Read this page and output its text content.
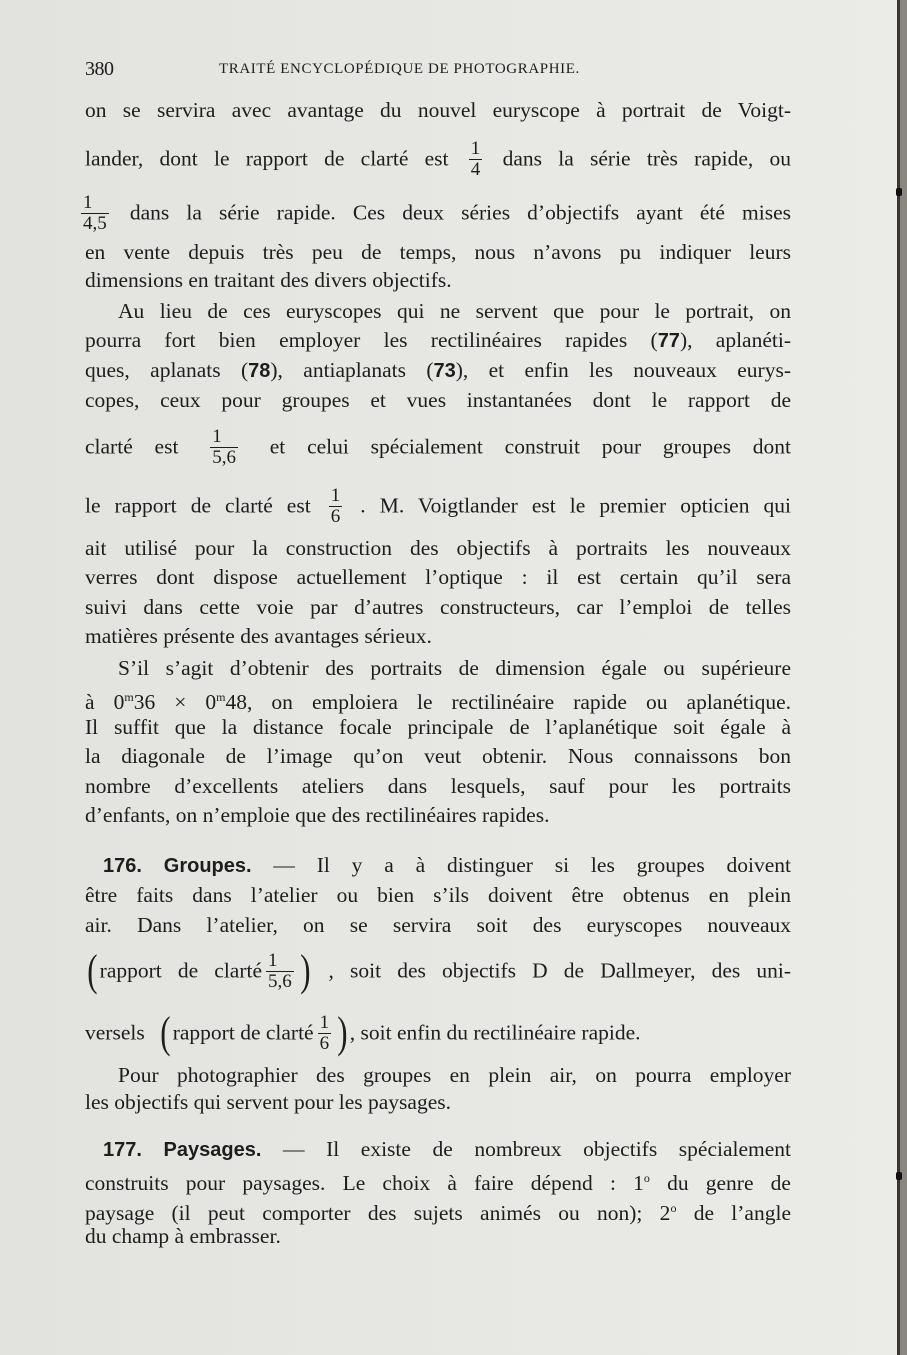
380	TRAITÉ ENCYCLOPÉDIQUE DE PHOTOGRAPHIE.
on se servira avec avantage du nouvel euryscope à portrait de Voigt-
lander, dont le rapport de clarté est $\frac{1}{4}$ dans la série très rapide, ou
$\frac{1}{4,5}$ dans la série rapide. Ces deux séries d’objectifs ayant été mises
en vente depuis très peu de temps, nous n’avons pu indiquer leurs
dimensions en traitant des divers objectifs.
Au lieu de ces euryscopes qui ne servent que pour le portrait, on
pourra fort bien employer les rectilinéaires rapides (77), aplanéti-
ques, aplanats (78), antiaplanats (73), et enfin les nouveaux eurys-
copes, ceux pour groupes et vues instantanées dont le rapport de
clarté est $\frac{1}{5,6}$ et celui spécialement construit pour groupes dont
le rapport de clarté est $\frac{1}{6}$ . M. Voigtlander est le premier opticien qui
ait utilisé pour la construction des objectifs à portraits les nouveaux
verres dont dispose actuellement l’optique : il est certain qu’il sera
suivi dans cette voie par d’autres constructeurs, car l’emploi de telles
matières présente des avantages sérieux.
S’il s’agit d’obtenir des portraits de dimension égale ou supérieure
à $0^m36 \times 0^m48$, on emploiera le rectilinéaire rapide ou aplanétique.
Il suffit que la distance focale principale de l’aplanétique soit égale à
la diagonale de l’image qu’on veut obtenir. Nous connaissons bon
nombre d’excellents ateliers dans lesquels, sauf pour les portraits
d’enfants, on n’emploie que des rectilinéaires rapides.
176. Groupes. — Il y a à distinguer si les groupes doivent
être faits dans l’atelier ou bien s’ils doivent être obtenus en plein
air. Dans l’atelier, on se servira soit des euryscopes nouveaux
( rapport de clarté $\frac{1}{5,6}$ ) , soit des objectifs D de Dallmeyer, des uni-
versels ( rapport de clarté $\frac{1}{6}$ ) , soit enfin du rectilinéaire rapide.
Pour photographier des groupes en plein air, on pourra employer
les objectifs qui servent pour les paysages.
177. Paysages. — Il existe de nombreux objectifs spécialement
construits pour paysages. Le choix à faire dépend : 1$^o$ du genre de
paysage (il peut comporter des sujets animés ou non); 2$^o$ de l’angle
du champ à embrasser.
